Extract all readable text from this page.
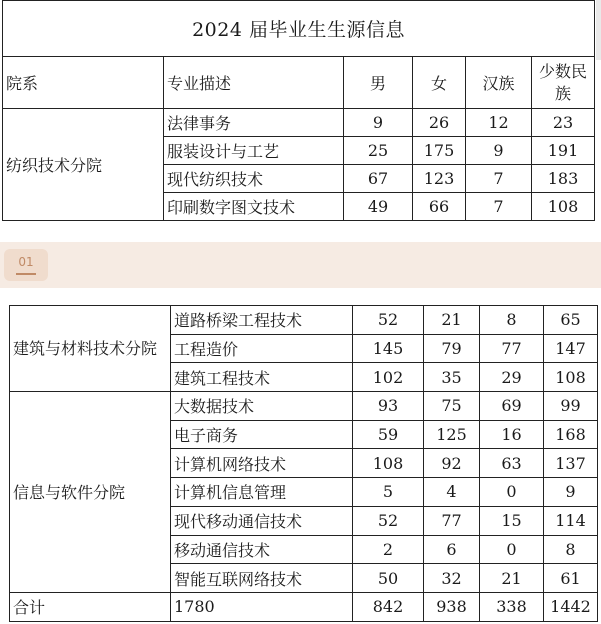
2024 届毕业生生源信息					
院系	专业描述	男	女	汉族	少数民族
纺织技术分院	法律事务	9	26	12	23
	服装设计与工艺	25	175	9	191
	现代纺织技术	67	123	7	183
	印刷数字图文技术	49	66	7	108
01
建筑与材料技术分院	道路桥梁工程技术	52	21	8	65
	工程造价	145	79	77	147
	建筑工程技术	102	35	29	108
信息与软件分院	大数据技术	93	75	69	99
	电子商务	59	125	16	168
	计算机网络技术	108	92	63	137
	计算机信息管理	5	4	0	9
	现代移动通信技术	52	77	15	114
	移动通信技术	2	6	0	8
	智能互联网络技术	50	32	21	61
合计	1780	842	938	338	1442
